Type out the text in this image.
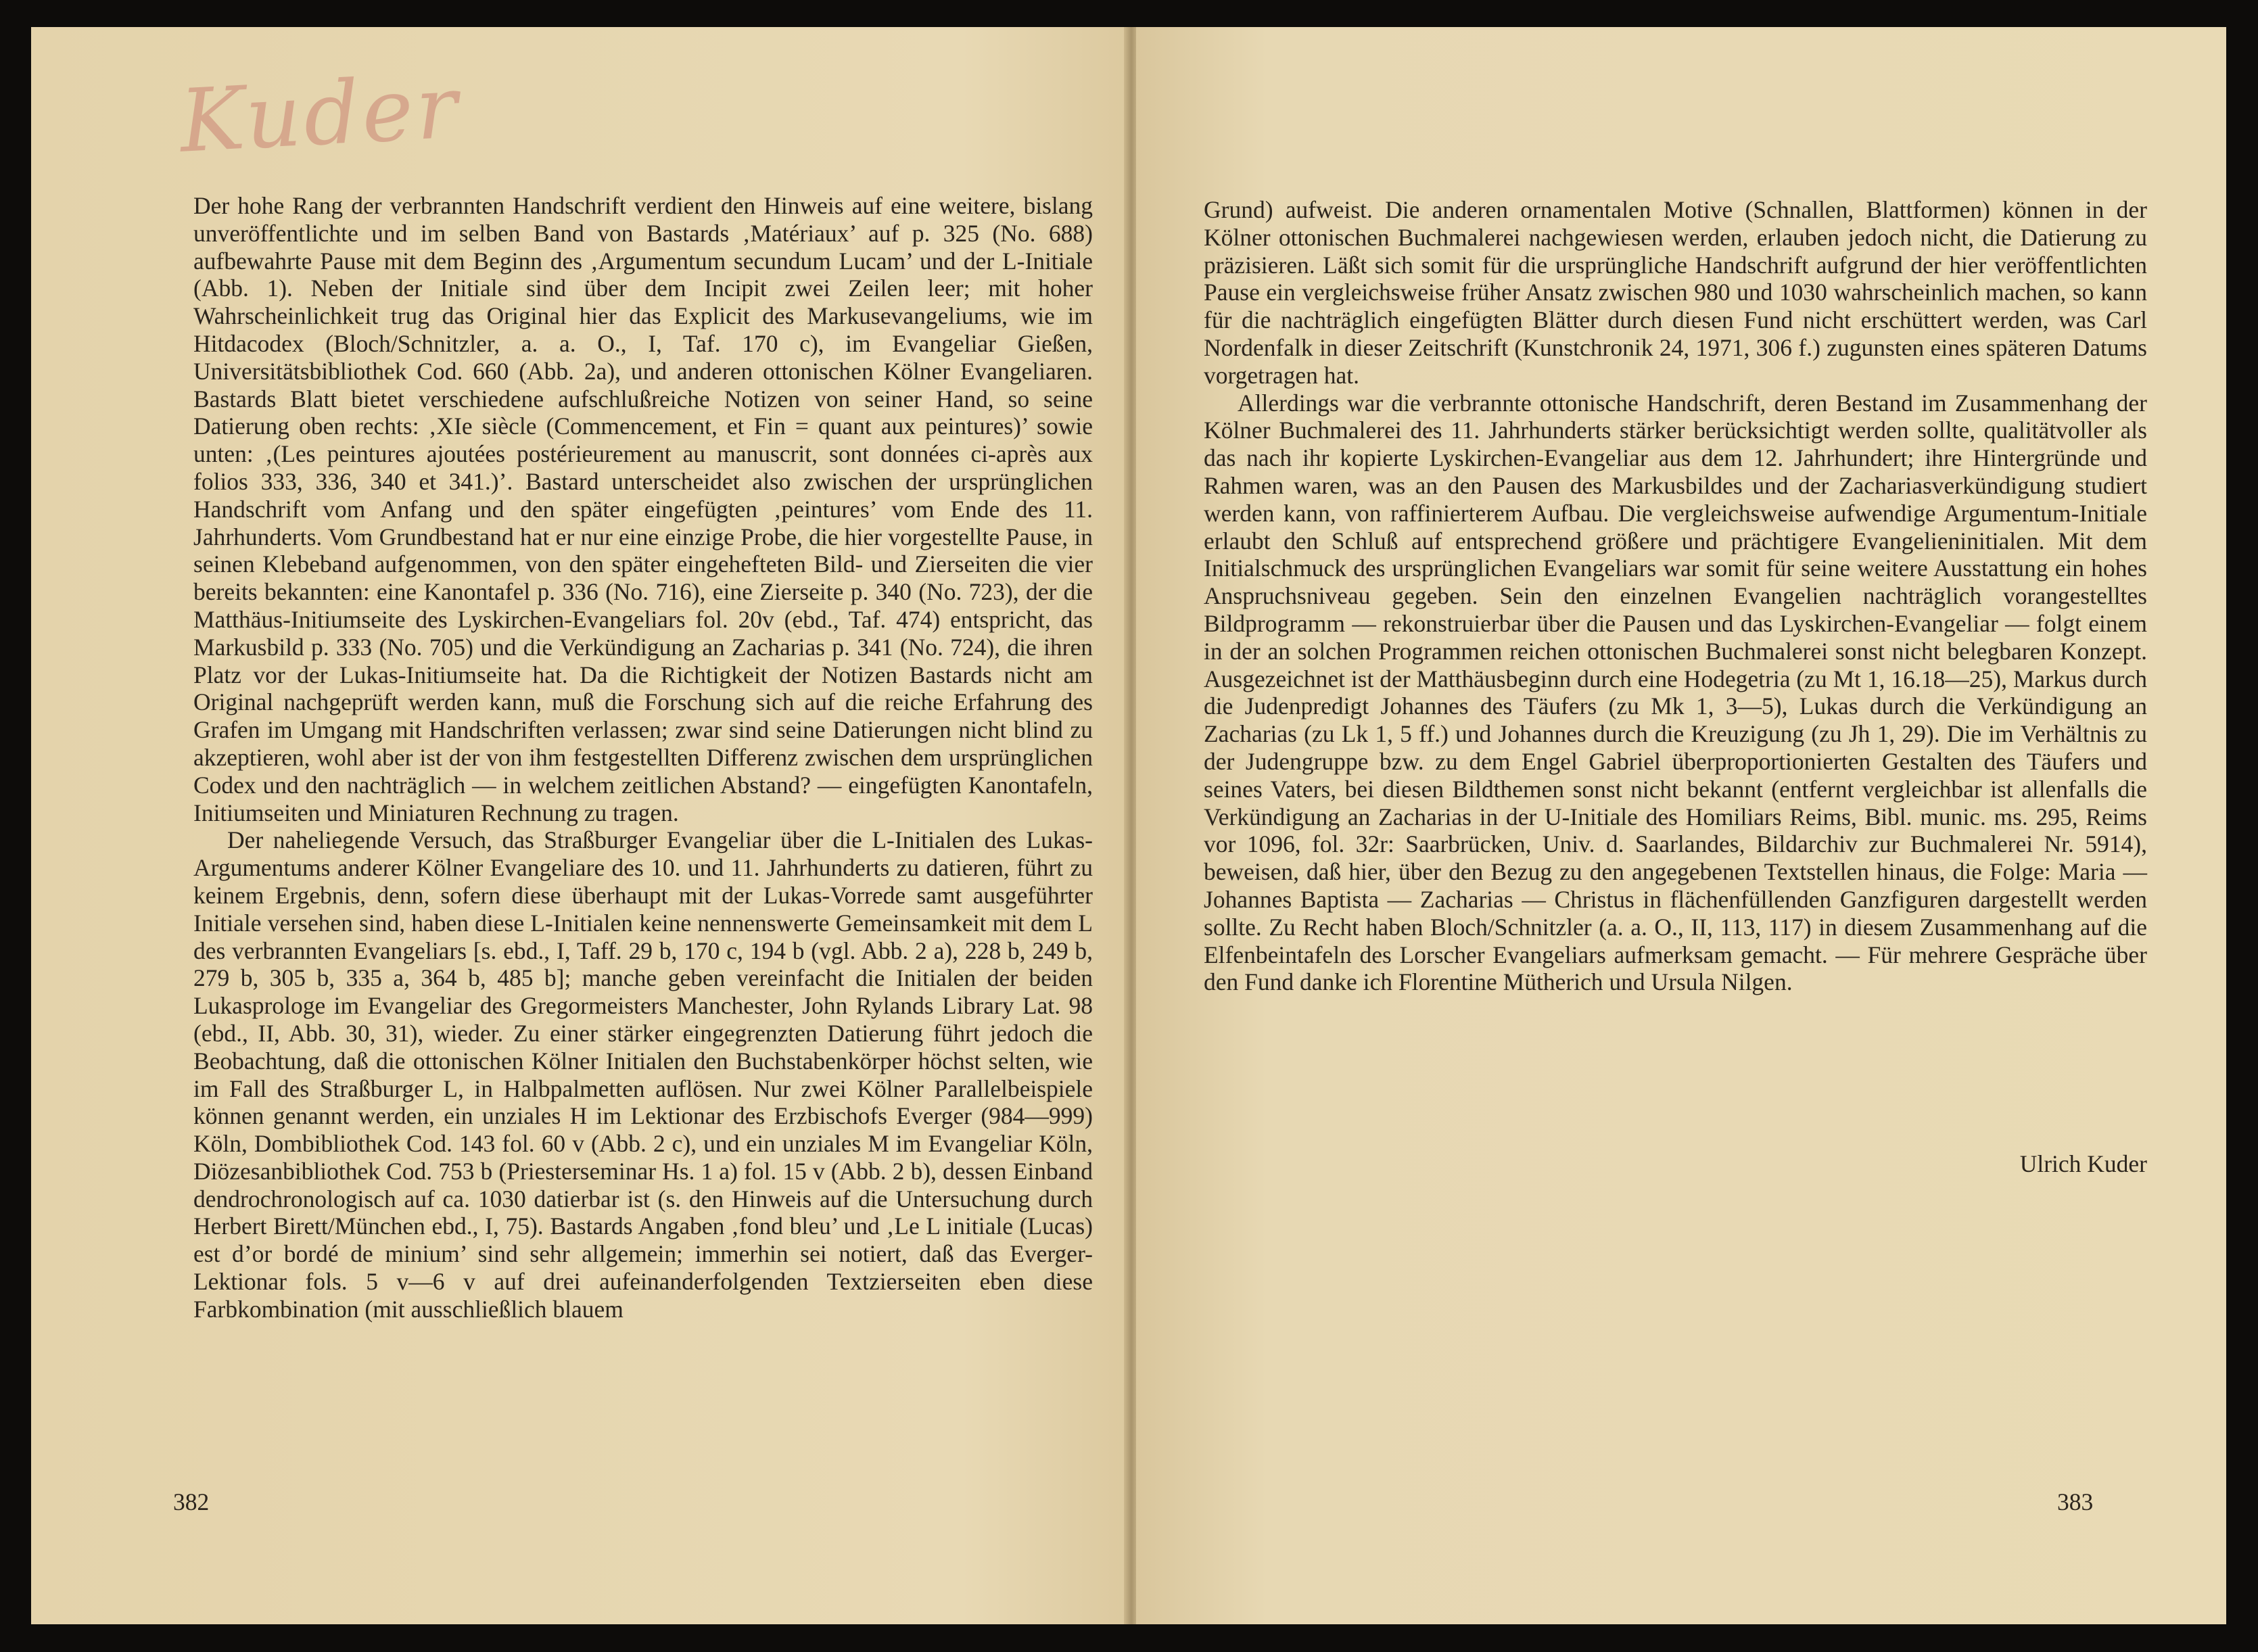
Kuder

Der hohe Rang der verbrannten Handschrift verdient den Hinweis auf eine weitere, bislang unveröffentlichte und im selben Band von Bastards ‚Matériaux’ auf p. 325 (No. 688) aufbewahrte Pause mit dem Beginn des ‚Argumentum secundum Lucam’ und der L-Initiale (Abb. 1). Neben der Initiale sind über dem Incipit zwei Zeilen leer; mit hoher Wahrscheinlichkeit trug das Original hier das Explicit des Markusevangeliums, wie im Hitdacodex (Bloch/Schnitzler, a. a. O., I, Taf. 170 c), im Evangeliar Gießen, Universitätsbibliothek Cod. 660 (Abb. 2a), und anderen ottonischen Kölner Evangeliaren. Bastards Blatt bietet verschiedene aufschlußreiche Notizen von seiner Hand, so seine Datierung oben rechts: ‚XIe siècle (Commencement, et Fin = quant aux peintures)’ sowie unten: ‚(Les peintures ajoutées postérieurement au manuscrit, sont données ci-après aux folios 333, 336, 340 et 341.)’. Bastard unterscheidet also zwischen der ursprünglichen Handschrift vom Anfang und den später eingefügten ‚peintures’ vom Ende des 11. Jahrhunderts. Vom Grundbestand hat er nur eine einzige Probe, die hier vorgestellte Pause, in seinen Klebeband aufgenommen, von den später eingehefteten Bild- und Zierseiten die vier bereits bekannten: eine Kanontafel p. 336 (No. 716), eine Zierseite p. 340 (No. 723), der die Matthäus-Initiumseite des Lyskirchen-Evangeliars fol. 20v (ebd., Taf. 474) entspricht, das Markusbild p. 333 (No. 705) und die Verkündigung an Zacharias p. 341 (No. 724), die ihren Platz vor der Lukas-Initiumseite hat. Da die Richtigkeit der Notizen Bastards nicht am Original nachgeprüft werden kann, muß die Forschung sich auf die reiche Erfahrung des Grafen im Umgang mit Handschriften verlassen; zwar sind seine Datierungen nicht blind zu akzeptieren, wohl aber ist der von ihm festgestellten Differenz zwischen dem ursprünglichen Codex und den nachträglich — in welchem zeitlichen Abstand? — eingefügten Kanontafeln, Initiumseiten und Miniaturen Rechnung zu tragen.

Der naheliegende Versuch, das Straßburger Evangeliar über die L-Initialen des Lukas-Argumentums anderer Kölner Evangeliare des 10. und 11. Jahrhunderts zu datieren, führt zu keinem Ergebnis, denn, sofern diese überhaupt mit der Lukas-Vorrede samt ausgeführter Initiale versehen sind, haben diese L-Initialen keine nennenswerte Gemeinsamkeit mit dem L des verbrannten Evangeliars [s. ebd., I, Taff. 29 b, 170 c, 194 b (vgl. Abb. 2 a), 228 b, 249 b, 279 b, 305 b, 335 a, 364 b, 485 b]; manche geben vereinfacht die Initialen der beiden Lukasprologe im Evangeliar des Gregormeisters Manchester, John Rylands Library Lat. 98 (ebd., II, Abb. 30, 31), wieder. Zu einer stärker eingegrenzten Datierung führt jedoch die Beobachtung, daß die ottonischen Kölner Initialen den Buchstabenkörper höchst selten, wie im Fall des Straßburger L, in Halbpalmetten auflösen. Nur zwei Kölner Parallelbeispiele können genannt werden, ein unziales H im Lektionar des Erzbischofs Everger (984—999) Köln, Dombibliothek Cod. 143 fol. 60 v (Abb. 2 c), und ein unziales M im Evangeliar Köln, Diözesanbibliothek Cod. 753 b (Priesterseminar Hs. 1 a) fol. 15 v (Abb. 2 b), dessen Einband dendrochronologisch auf ca. 1030 datierbar ist (s. den Hinweis auf die Untersuchung durch Herbert Birett/München ebd., I, 75). Bastards Angaben ‚fond bleu’ und ‚Le L initiale (Lucas) est d’or bordé de minium’ sind sehr allgemein; immerhin sei notiert, daß das Everger-Lektionar fols. 5 v—6 v auf drei aufeinanderfolgenden Textzierseiten eben diese Farbkombination (mit ausschließlich blauem

382

Grund) aufweist. Die anderen ornamentalen Motive (Schnallen, Blattformen) können in der Kölner ottonischen Buchmalerei nachgewiesen werden, erlauben jedoch nicht, die Datierung zu präzisieren. Läßt sich somit für die ursprüngliche Handschrift aufgrund der hier veröffentlichten Pause ein vergleichsweise früher Ansatz zwischen 980 und 1030 wahrscheinlich machen, so kann für die nachträglich eingefügten Blätter durch diesen Fund nicht erschüttert werden, was Carl Nordenfalk in dieser Zeitschrift (Kunstchronik 24, 1971, 306 f.) zugunsten eines späteren Datums vorgetragen hat.

Allerdings war die verbrannte ottonische Handschrift, deren Bestand im Zusammenhang der Kölner Buchmalerei des 11. Jahrhunderts stärker berücksichtigt werden sollte, qualitätvoller als das nach ihr kopierte Lyskirchen-Evangeliar aus dem 12. Jahrhundert; ihre Hintergründe und Rahmen waren, was an den Pausen des Markusbildes und der Zachariasverkündigung studiert werden kann, von raffinierterem Aufbau. Die vergleichsweise aufwendige Argumentum-Initiale erlaubt den Schluß auf entsprechend größere und prächtigere Evangelieninitialen. Mit dem Initialschmuck des ursprünglichen Evangeliars war somit für seine weitere Ausstattung ein hohes Anspruchsniveau gegeben. Sein den einzelnen Evangelien nachträglich vorangestelltes Bildprogramm — rekonstruierbar über die Pausen und das Lyskirchen-Evangeliar — folgt einem in der an solchen Programmen reichen ottonischen Buchmalerei sonst nicht belegbaren Konzept. Ausgezeichnet ist der Matthäusbeginn durch eine Hodegetria (zu Mt 1, 16.18—25), Markus durch die Judenpredigt Johannes des Täufers (zu Mk 1, 3—5), Lukas durch die Verkündigung an Zacharias (zu Lk 1, 5 ff.) und Johannes durch die Kreuzigung (zu Jh 1, 29). Die im Verhältnis zu der Judengruppe bzw. zu dem Engel Gabriel überproportionierten Gestalten des Täufers und seines Vaters, bei diesen Bildthemen sonst nicht bekannt (entfernt vergleichbar ist allenfalls die Verkündigung an Zacharias in der U-Initiale des Homiliars Reims, Bibl. munic. ms. 295, Reims vor 1096, fol. 32r: Saarbrücken, Univ. d. Saarlandes, Bildarchiv zur Buchmalerei Nr. 5914), beweisen, daß hier, über den Bezug zu den angegebenen Textstellen hinaus, die Folge: Maria — Johannes Baptista — Zacharias — Christus in flächenfüllenden Ganzfiguren dargestellt werden sollte. Zu Recht haben Bloch/Schnitzler (a. a. O., II, 113, 117) in diesem Zusammenhang auf die Elfenbeintafeln des Lorscher Evangeliars aufmerksam gemacht. — Für mehrere Gespräche über den Fund danke ich Florentine Mütherich und Ursula Nilgen.

Ulrich Kuder
383
